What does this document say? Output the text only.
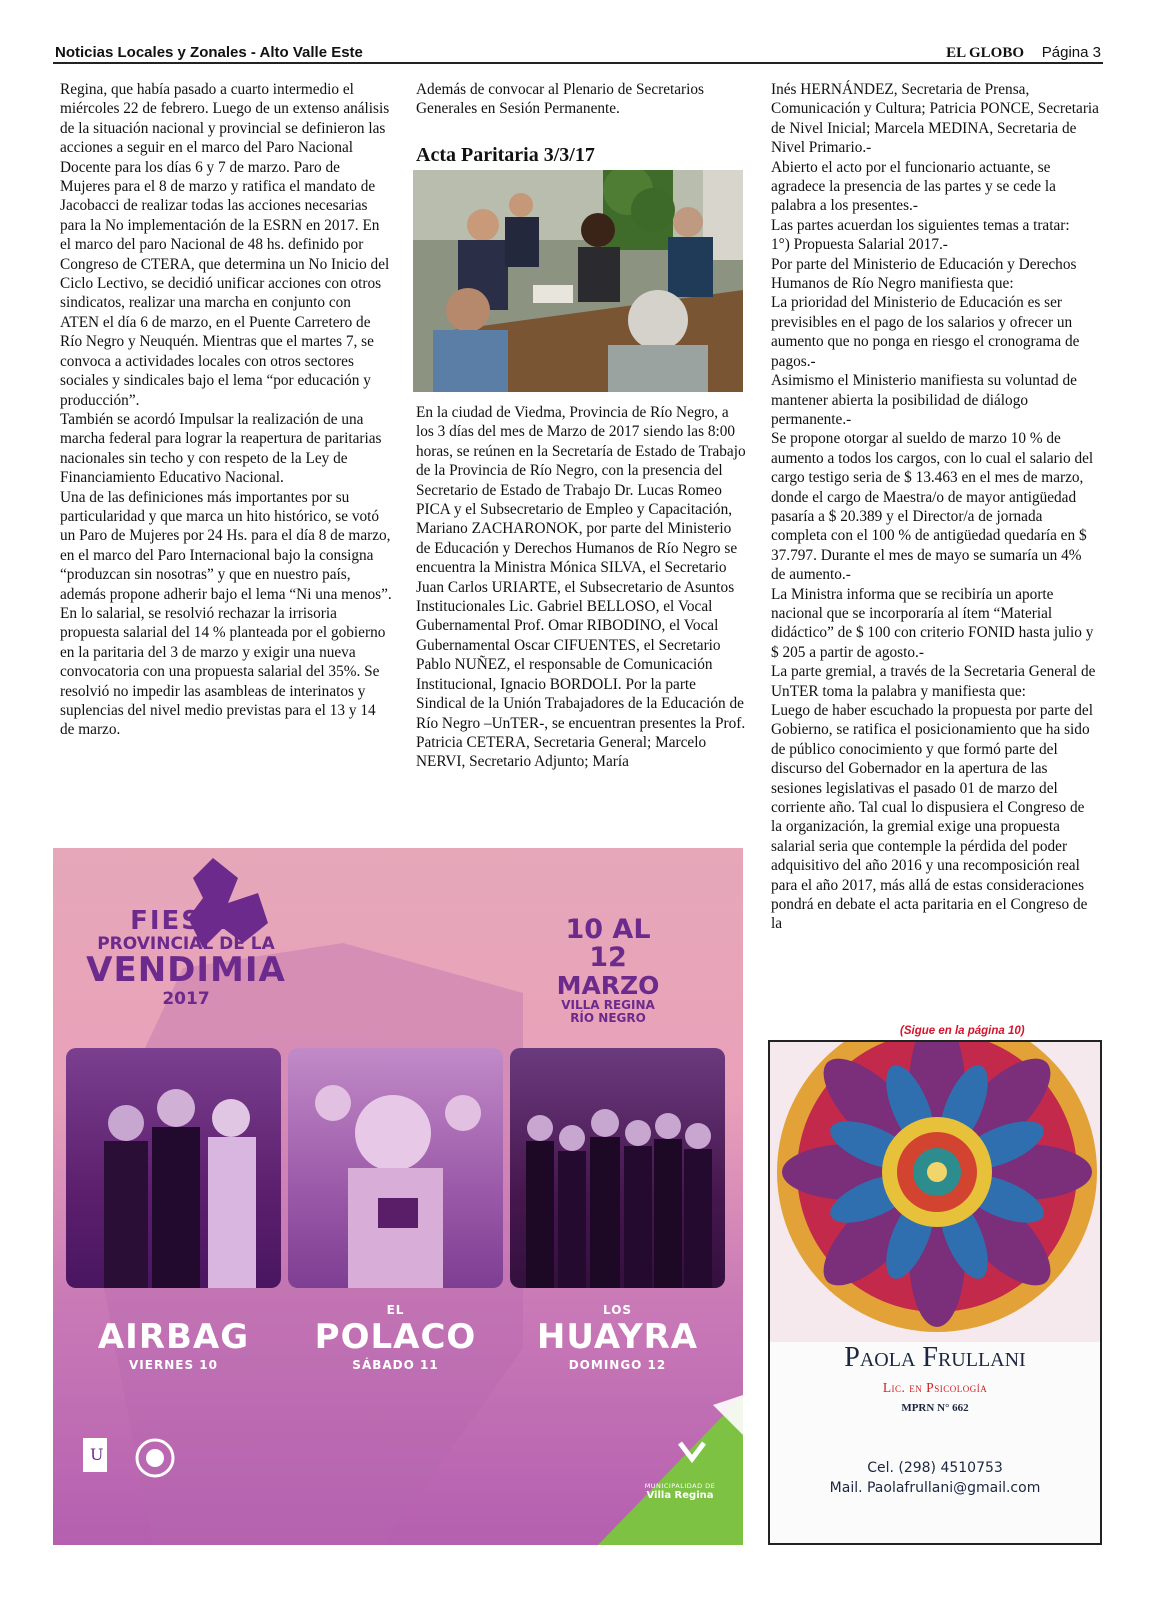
Noticias Locales y Zonales - Alto Valle Este	EL GLOBO Página 3

Regina, que había pasado a cuarto intermedio el miércoles 22 de febrero. Luego de un extenso análisis de la situación nacional y provincial se definieron las acciones a seguir en el marco del Paro Nacional Docente para los días 6 y 7 de marzo. Paro de Mujeres para el 8 de marzo y ratifica el mandato de Jacobacci de realizar todas las acciones necesarias para la No implementación de la ESRN en 2017. En el marco del paro Nacional de 48 hs. definido por Congreso de CTERA, que determina un No Inicio del Ciclo Lectivo, se decidió unificar acciones con otros sindicatos, realizar una marcha en conjunto con ATEN el día 6 de marzo, en el Puente Carretero de Río Negro y Neuquén. Mientras que el martes 7, se convoca a actividades locales con otros sectores sociales y sindicales bajo el lema “por educación y producción”.

También se acordó Impulsar la realización de una marcha federal para lograr la reapertura de paritarias nacionales sin techo y con respeto de la Ley de Financiamiento Educativo Nacional.

Una de las definiciones más importantes por su particularidad y que marca un hito histórico, se votó un Paro de Mujeres por 24 Hs. para el día 8 de marzo, en el marco del Paro Internacional bajo la consigna “produzcan sin nosotras” y que en nuestro país, además propone adherir bajo el lema “Ni una menos”.

En lo salarial, se resolvió rechazar la irrisoria propuesta salarial del 14 % planteada por el gobierno en la paritaria del 3 de marzo y exigir una nueva convocatoria con una propuesta salarial del 35%. Se resolvió no impedir las asambleas de interinatos y suplencias del nivel medio previstas para el 13 y 14 de marzo.

Además de convocar al Plenario de Secretarios Generales en Sesión Permanente.

Acta Paritaria 3/3/17

En la ciudad de Viedma, Provincia de Río Negro, a los 3 días del mes de Marzo de 2017 siendo las 8:00 horas, se reúnen en la Secretaría de Estado de Trabajo de la Provincia de Río Negro, con la presencia del Secretario de Estado de Trabajo Dr. Lucas Romeo PICA y el Subsecretario de Empleo y Capacitación, Mariano ZACHARONOK, por parte del Ministerio de Educación y Derechos Humanos de Río Negro se encuentra la Ministra Mónica SILVA, el Secretario Juan Carlos URIARTE, el Subsecretario de Asuntos Institucionales Lic. Gabriel BELLOSO, el Vocal Gubernamental Prof. Omar RIBODINO, el Vocal Gubernamental Oscar CIFUENTES, el Secretario Pablo NUÑEZ, el responsable de Comunicación Institucional, Ignacio BORDOLI. Por la parte Sindical de la Unión Trabajadores de la Educación de Río Negro –UnTER-, se encuentran presentes la Prof. Patricia CETERA, Secretaria General; Marcelo NERVI, Secretario Adjunto; María

Inés HERNÁNDEZ, Secretaria de Prensa, Comunicación y Cultura; Patricia PONCE, Secretaria de Nivel Inicial; Marcela MEDINA, Secretaria de Nivel Primario.-

Abierto el acto por el funcionario actuante, se agradece la presencia de las partes y se cede la palabra a los presentes.-

Las partes acuerdan los siguientes temas a tratar:

1°) Propuesta Salarial 2017.-

Por parte del Ministerio de Educación y Derechos Humanos de Río Negro manifiesta que:

La prioridad del Ministerio de Educación es ser previsibles en el pago de los salarios y ofrecer un aumento que no ponga en riesgo el cronograma de pagos.-

Asimismo el Ministerio manifiesta su voluntad de mantener abierta la posibilidad de diálogo permanente.-

Se propone otorgar al sueldo de marzo 10 % de aumento a todos los cargos, con lo cual el salario del cargo testigo seria de $ 13.463 en el mes de marzo, donde el cargo de Maestra/o de mayor antigüedad pasaría a $ 20.389 y el Director/a de jornada completa con el 100 % de antigüedad quedaría en $ 37.797. Durante el mes de mayo se sumaría un 4% de aumento.-

La Ministra informa que se recibiría un aporte nacional que se incorporaría al ítem “Material didáctico” de $ 100 con criterio FONID hasta julio y $ 205 a partir de agosto.-

La parte gremial, a través de la Secretaria General de UnTER toma la palabra y manifiesta que:

Luego de haber escuchado la propuesta por parte del Gobierno, se ratifica el posicionamiento que ha sido de público conocimiento y que formó parte del discurso del Gobernador en la apertura de las sesiones legislativas el pasado 01 de marzo del corriente año. Tal cual lo dispusiera el Congreso de la organización, la gremial exige una propuesta salarial seria que contemple la pérdida del poder adquisitivo del año 2016 y una recomposición real para el año 2017, más allá de estas consideraciones pondrá en debate el acta paritaria en el Congreso de la

(Sigue en la página 10)
FIESTA
PROVINCIAL DE LA
VENDIMIA
2017
10 AL 12
MARZO
VILLA REGINA
RÍO NEGRO

AIRBAG
VIERNES 10
EL
POLACO
SÁBADO 11
LOS
HUAYRA
DOMINGO 12
U
MUNICIPALIDAD DE
Villa Regina
Paola Frullani
Lic. en Psicología
MPRN N° 662
Cel. (298) 4510753
Mail. Paolafrullani@gmail.com
